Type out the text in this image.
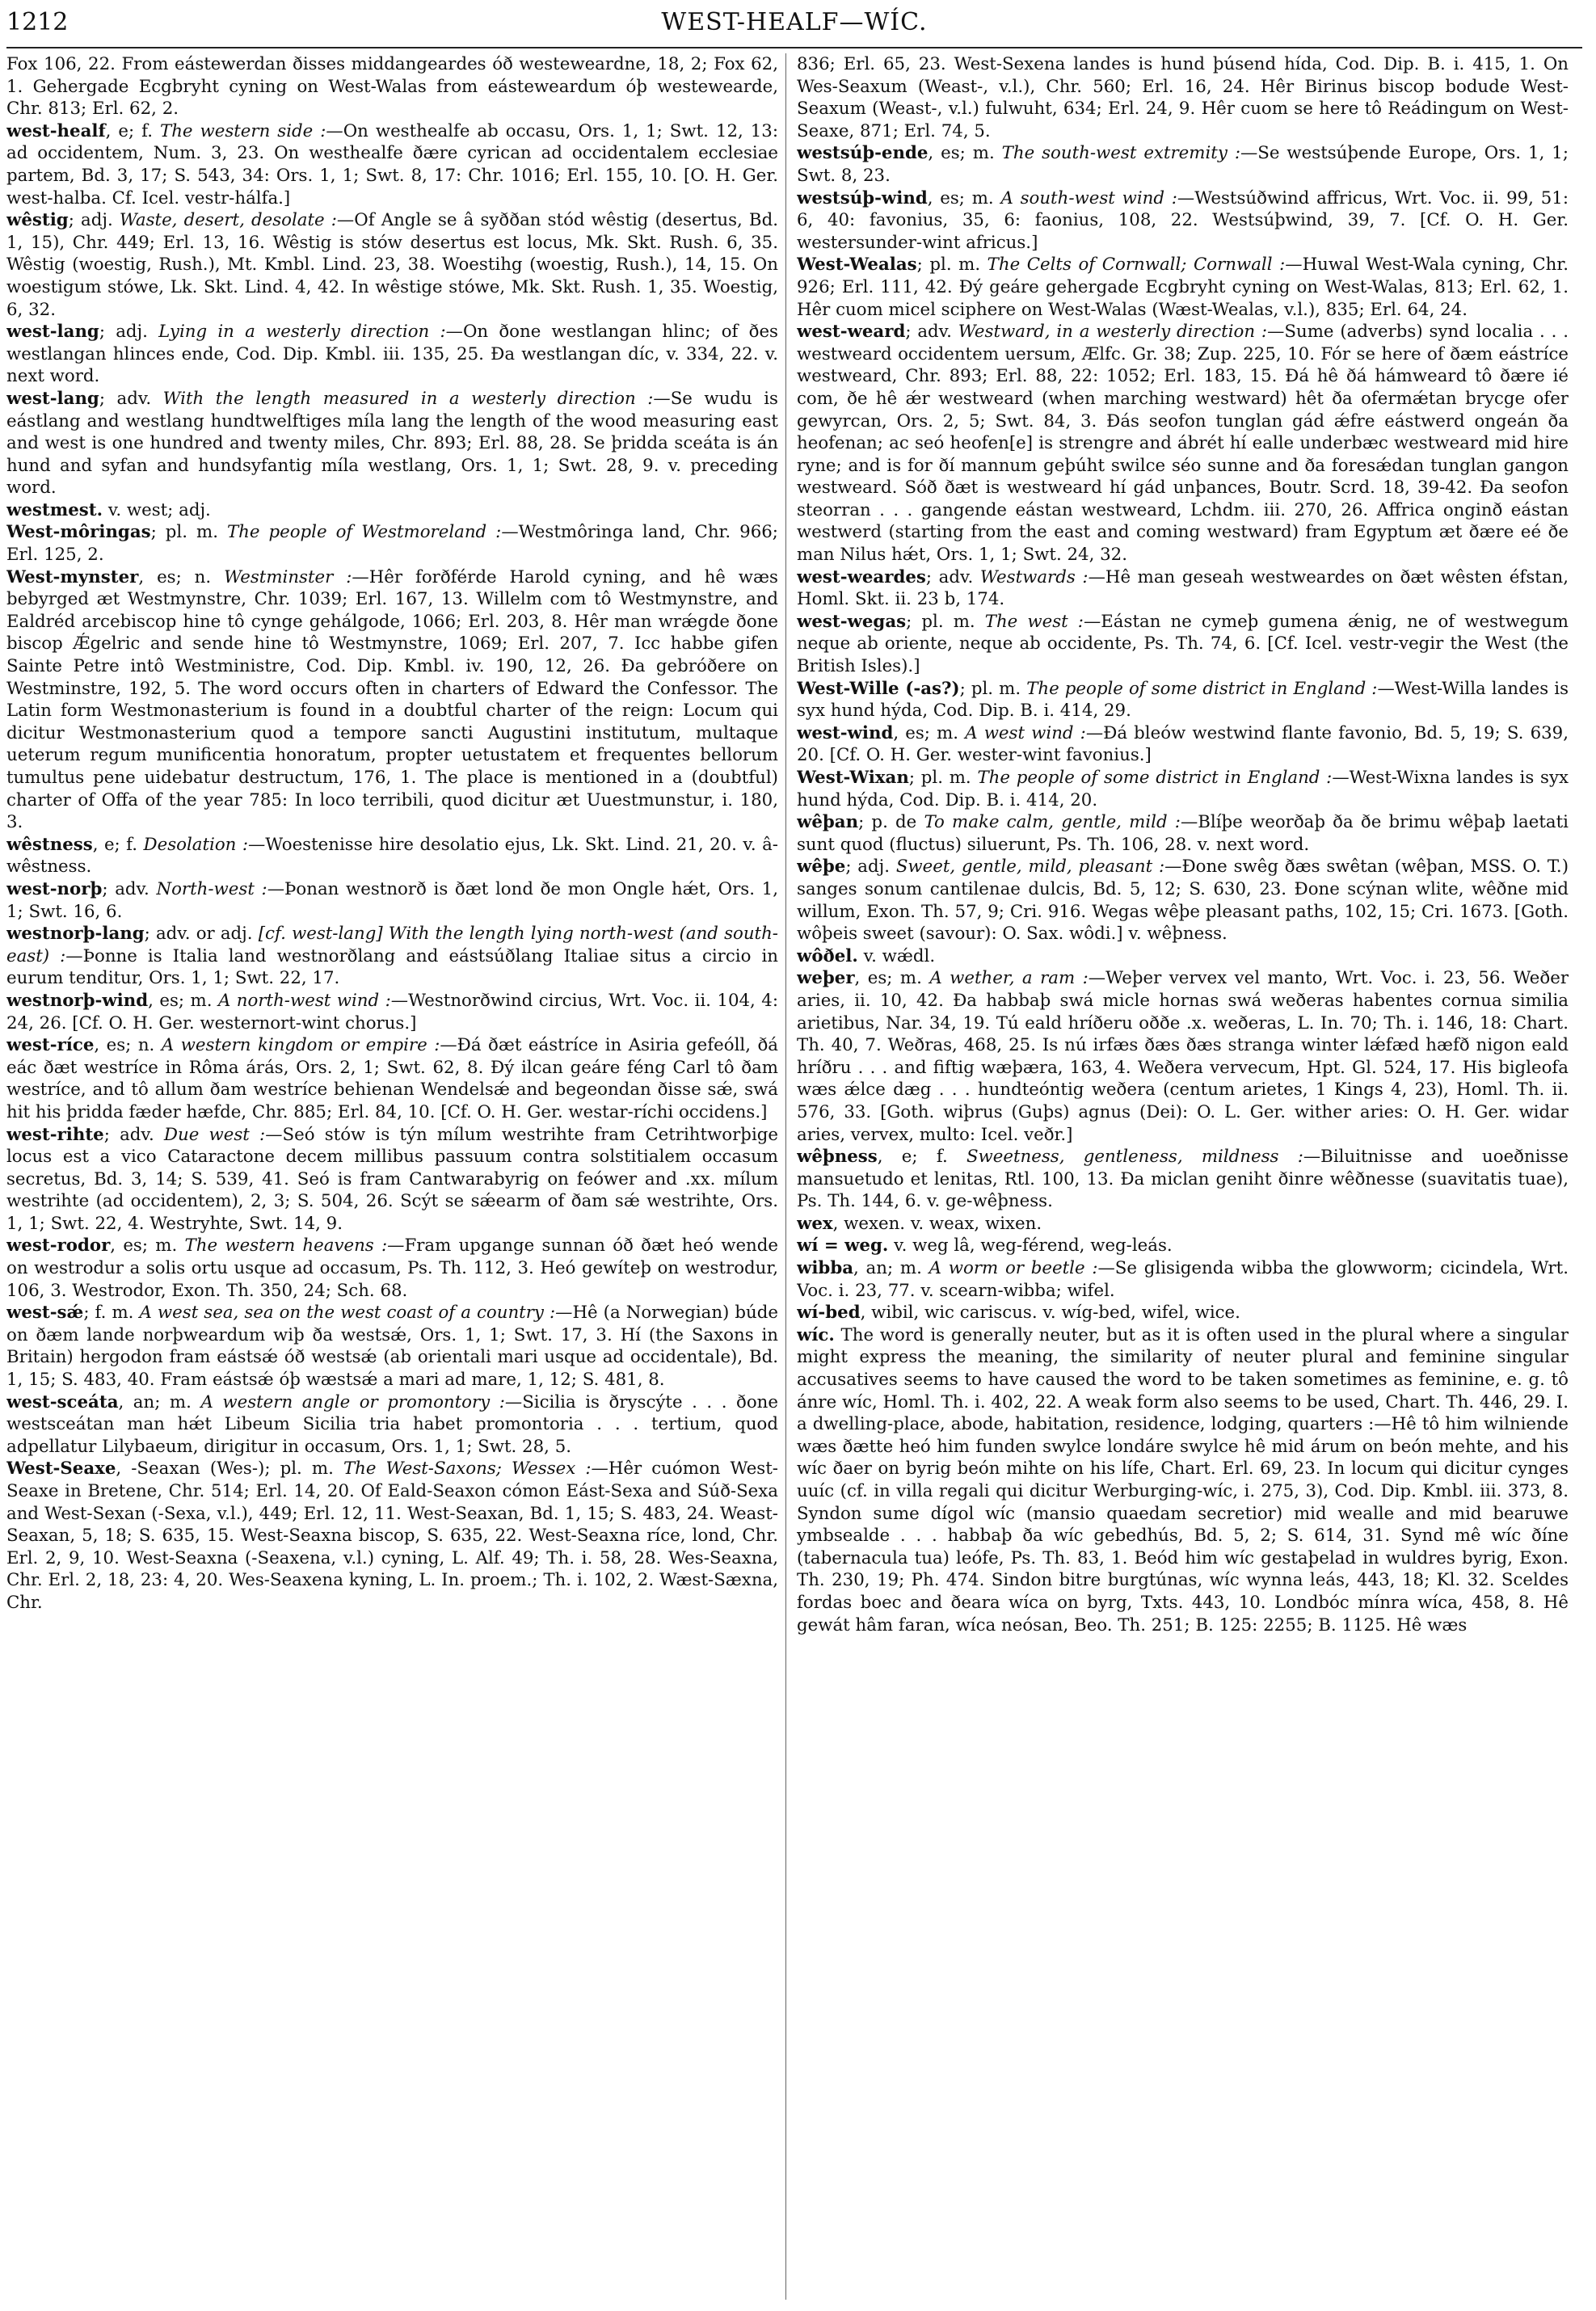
1212	WEST-HEALF—WÍC.

Fox 106, 22. From eástewerdan ðisses middangeardes óð westeweardne, 18, 2; Fox 62, 1. Gehergade Ecgbryht cyning on West-Walas from eásteweardum óþ westewearde, Chr. 813; Erl. 62, 2.

west-healf, e; f. The western side :—On westhealfe ab occasu, Ors. 1, 1; Swt. 12, 13: ad occidentem, Num. 3, 23. On westhealfe ðære cyrican ad occidentalem ecclesiae partem, Bd. 3, 17; S. 543, 34: Ors. 1, 1; Swt. 8, 17: Chr. 1016; Erl. 155, 10. [O. H. Ger. west-halba. Cf. Icel. vestr-hálfa.]

wêstig; adj. Waste, desert, desolate :—Of Angle se â syððan stód wêstig (desertus, Bd. 1, 15), Chr. 449; Erl. 13, 16. Wêstig is stów desertus est locus, Mk. Skt. Rush. 6, 35. Wêstig (woestig, Rush.), Mt. Kmbl. Lind. 23, 38. Woestihg (woestig, Rush.), 14, 15. On woestigum stówe, Lk. Skt. Lind. 4, 42. In wêstige stówe, Mk. Skt. Rush. 1, 35. Woestig, 6, 32.

west-lang; adj. Lying in a westerly direction :—On ðone westlangan hlinc; of ðes westlangan hlinces ende, Cod. Dip. Kmbl. iii. 135, 25. Ða westlangan díc, v. 334, 22. v. next word.

west-lang; adv. With the length measured in a westerly direction :—Se wudu is eástlang and westlang hundtwelftiges míla lang the length of the wood measuring east and west is one hundred and twenty miles, Chr. 893; Erl. 88, 28. Se þridda sceáta is án hund and syfan and hundsyfantig míla westlang, Ors. 1, 1; Swt. 28, 9. v. preceding word.

westmest. v. west; adj.

West-môringas; pl. m. The people of Westmoreland :—Westmôringa land, Chr. 966; Erl. 125, 2.

West-mynster, es; n. Westminster :—Hêr forðférde Harold cyning, and hê wæs bebyrged æt Westmynstre, Chr. 1039; Erl. 167, 13. Willelm com tô Westmynstre, and Ealdréd arcebiscop hine tô cynge gehálgode, 1066; Erl. 203, 8. Hêr man wrǽgde ðone biscop Ǽgelric and sende hine tô Westmynstre, 1069; Erl. 207, 7. Icc habbe gifen Sainte Petre intô Westministre, Cod. Dip. Kmbl. iv. 190, 12, 26. Ða gebróðere on Westminstre, 192, 5. The word occurs often in charters of Edward the Confessor. The Latin form Westmonasterium is found in a doubtful charter of the reign: Locum qui dicitur Westmonasterium quod a tempore sancti Augustini institutum, multaque ueterum regum munificentia honoratum, propter uetustatem et frequentes bellorum tumultus pene uidebatur destructum, 176, 1. The place is mentioned in a (doubtful) charter of Offa of the year 785: In loco terribili, quod dicitur æt Uuestmunstur, i. 180, 3.

wêstness, e; f. Desolation :—Woestenisse hire desolatio ejus, Lk. Skt. Lind. 21, 20. v. â-wêstness.

west-norþ; adv. North-west :—Þonan westnorð is ðæt lond ðe mon Ongle hǽt, Ors. 1, 1; Swt. 16, 6.

westnorþ-lang; adv. or adj. [cf. west-lang] With the length lying north-west (and south-east) :—Þonne is Italia land westnorðlang and eástsúðlang Italiae situs a circio in eurum tenditur, Ors. 1, 1; Swt. 22, 17.

westnorþ-wind, es; m. A north-west wind :—Westnorðwind circius, Wrt. Voc. ii. 104, 4: 24, 26. [Cf. O. H. Ger. westernort-wint chorus.]

west-ríce, es; n. A western kingdom or empire :—Ðá ðæt eástríce in Asiria gefeóll, ðá eác ðæt westríce in Rôma árás, Ors. 2, 1; Swt. 62, 8. Ðý ilcan geáre féng Carl tô ðam westríce, and tô allum ðam westríce behienan Wendelsǽ and begeondan ðisse sǽ, swá hit his þridda fæder hæfde, Chr. 885; Erl. 84, 10. [Cf. O. H. Ger. westar-ríchi occidens.]

west-rihte; adv. Due west :—Seó stów is týn mílum westrihte fram Cetrihtworþige locus est a vico Cataractone decem millibus passuum contra solstitialem occasum secretus, Bd. 3, 14; S. 539, 41. Seó is fram Cantwarabyrig on feówer and .xx. mílum westrihte (ad occidentem), 2, 3; S. 504, 26. Scýt se sǽearm of ðam sǽ westrihte, Ors. 1, 1; Swt. 22, 4. Westryhte, Swt. 14, 9.

west-rodor, es; m. The western heavens :—Fram upgange sunnan óð ðæt heó wende on westrodur a solis ortu usque ad occasum, Ps. Th. 112, 3. Heó gewíteþ on westrodur, 106, 3. Westrodor, Exon. Th. 350, 24; Sch. 68.

west-sǽ; f. m. A west sea, sea on the west coast of a country :—Hê (a Norwegian) búde on ðæm lande norþweardum wiþ ða westsǽ, Ors. 1, 1; Swt. 17, 3. Hí (the Saxons in Britain) hergodon fram eástsǽ óð westsǽ (ab orientali mari usque ad occidentale), Bd. 1, 15; S. 483, 40. Fram eástsǽ óþ wæstsǽ a mari ad mare, 1, 12; S. 481, 8.

west-sceáta, an; m. A western angle or promontory :—Sicilia is ðryscýte . . . ðone westsceátan man hǽt Libeum Sicilia tria habet promontoria . . . tertium, quod adpellatur Lilybaeum, dirigitur in occasum, Ors. 1, 1; Swt. 28, 5.

West-Seaxe, -Seaxan (Wes-); pl. m. The West-Saxons; Wessex :—Hêr cuómon West-Seaxe in Bretene, Chr. 514; Erl. 14, 20. Of Eald-Seaxon cómon Eást-Sexa and Súð-Sexa and West-Sexan (-Sexa, v.l.), 449; Erl. 12, 11. West-Seaxan, Bd. 1, 15; S. 483, 24. Weast-Seaxan, 5, 18; S. 635, 15. West-Seaxna biscop, S. 635, 22. West-Seaxna ríce, lond, Chr. Erl. 2, 9, 10. West-Seaxna (-Seaxena, v.l.) cyning, L. Alf. 49; Th. i. 58, 28. Wes-Seaxna, Chr. Erl. 2, 18, 23: 4, 20. Wes-Seaxena kyning, L. In. proem.; Th. i. 102, 2. Wæst-Sæxna, Chr.

836; Erl. 65, 23. West-Sexena landes is hund þúsend hída, Cod. Dip. B. i. 415, 1. On Wes-Seaxum (Weast-, v.l.), Chr. 560; Erl. 16, 24. Hêr Birinus biscop bodude West-Seaxum (Weast-, v.l.) fulwuht, 634; Erl. 24, 9. Hêr cuom se here tô Reádingum on West-Seaxe, 871; Erl. 74, 5.

westsúþ-ende, es; m. The south-west extremity :—Se westsúþende Europe, Ors. 1, 1; Swt. 8, 23.

westsúþ-wind, es; m. A south-west wind :—Westsúðwind affricus, Wrt. Voc. ii. 99, 51: 6, 40: favonius, 35, 6: faonius, 108, 22. Westsúþwind, 39, 7. [Cf. O. H. Ger. westersunder-wint africus.]

West-Wealas; pl. m. The Celts of Cornwall; Cornwall :—Huwal West-Wala cyning, Chr. 926; Erl. 111, 42. Ðý geáre gehergade Ecgbryht cyning on West-Walas, 813; Erl. 62, 1. Hêr cuom micel sciphere on West-Walas (Wæst-Wealas, v.l.), 835; Erl. 64, 24.

west-weard; adv. Westward, in a westerly direction :—Sume (adverbs) synd localia . . . westweard occidentem uersum, Ælfc. Gr. 38; Zup. 225, 10. Fór se here of ðæm eástríce westweard, Chr. 893; Erl. 88, 22: 1052; Erl. 183, 15. Ðá hê ðá hámweard tô ðære ié com, ðe hê ǽr westweard (when marching westward) hêt ða ofermǽtan brycge ofer gewyrcan, Ors. 2, 5; Swt. 84, 3. Ðás seofon tunglan gád ǽfre eástwerd ongeán ða heofenan; ac seó heofen[e] is strengre and ábrét hí ealle underbæc westweard mid hire ryne; and is for ðí mannum geþúht swilce séo sunne and ða foresǽdan tunglan gangon westweard. Sóð ðæt is westweard hí gád unþances, Boutr. Scrd. 18, 39-42. Ða seofon steorran . . . gangende eástan westweard, Lchdm. iii. 270, 26. Affrica onginð eástan westwerd (starting from the east and coming westward) fram Egyptum æt ðære eé ðe man Nilus hǽt, Ors. 1, 1; Swt. 24, 32.

west-weardes; adv. Westwards :—Hê man geseah westweardes on ðæt wêsten éfstan, Homl. Skt. ii. 23 b, 174.

west-wegas; pl. m. The west :—Eástan ne cymeþ gumena ǽnig, ne of westwegum neque ab oriente, neque ab occidente, Ps. Th. 74, 6. [Cf. Icel. vestr-vegir the West (the British Isles).]

West-Wille (-as?); pl. m. The people of some district in England :—West-Willa landes is syx hund hýda, Cod. Dip. B. i. 414, 29.

west-wind, es; m. A west wind :—Ðá bleów westwind flante favonio, Bd. 5, 19; S. 639, 20. [Cf. O. H. Ger. wester-wint favonius.]

West-Wixan; pl. m. The people of some district in England :—West-Wixna landes is syx hund hýda, Cod. Dip. B. i. 414, 20.

wêþan; p. de To make calm, gentle, mild :—Blíþe weorðaþ ða ðe brimu wêþaþ laetati sunt quod (fluctus) siluerunt, Ps. Th. 106, 28. v. next word.

wêþe; adj. Sweet, gentle, mild, pleasant :—Ðone swêg ðæs swêtan (wêþan, MSS. O. T.) sanges sonum cantilenae dulcis, Bd. 5, 12; S. 630, 23. Ðone scýnan wlite, wêðne mid willum, Exon. Th. 57, 9; Cri. 916. Wegas wêþe pleasant paths, 102, 15; Cri. 1673. [Goth. wôþeis sweet (savour): O. Sax. wôdi.] v. wêþness.

wôðel. v. wǽdl.

weþer, es; m. A wether, a ram :—Weþer vervex vel manto, Wrt. Voc. i. 23, 56. Weðer aries, ii. 10, 42. Ða habbaþ swá micle hornas swá weðeras habentes cornua similia arietibus, Nar. 34, 19. Tú eald hríðeru oððe .x. weðeras, L. In. 70; Th. i. 146, 18: Chart. Th. 40, 7. Weðras, 468, 25. Is nú irfæs ðæs ðæs stranga winter lǽfæd hæfð nigon eald hríðru . . . and fiftig wæþæra, 163, 4. Weðera vervecum, Hpt. Gl. 524, 17. His bigleofa wæs ǽlce dæg . . . hundteóntig weðera (centum arietes, 1 Kings 4, 23), Homl. Th. ii. 576, 33. [Goth. wiþrus (Guþs) agnus (Dei): O. L. Ger. wither aries: O. H. Ger. widar aries, vervex, multo: Icel. veðr.]

wêþness, e; f. Sweetness, gentleness, mildness :—Biluitnisse and uoeðnisse mansuetudo et lenitas, Rtl. 100, 13. Ða miclan geniht ðinre wêðnesse (suavitatis tuae), Ps. Th. 144, 6. v. ge-wêþness.

wex, wexen. v. weax, wixen.

wí = weg. v. weg lâ, weg-férend, weg-leás.

wibba, an; m. A worm or beetle :—Se glisigenda wibba the glowworm; cicindela, Wrt. Voc. i. 23, 77. v. scearn-wibba; wifel.

wí-bed, wibil, wic cariscus. v. wíg-bed, wifel, wice.

wíc. The word is generally neuter, but as it is often used in the plural where a singular might express the meaning, the similarity of neuter plural and feminine singular accusatives seems to have caused the word to be taken sometimes as feminine, e. g. tô ánre wíc, Homl. Th. i. 402, 22. A weak form also seems to be used, Chart. Th. 446, 29. I. a dwelling-place, abode, habitation, residence, lodging, quarters :—Hê tô him wilniende wæs ðætte heó him funden swylce londáre swylce hê mid árum on beón mehte, and his wíc ðaer on byrig beón mihte on his lífe, Chart. Erl. 69, 23. In locum qui dicitur cynges uuíc (cf. in villa regali qui dicitur Werburging-wíc, i. 275, 3), Cod. Dip. Kmbl. iii. 373, 8. Syndon sume dígol wíc (mansio quaedam secretior) mid wealle and mid bearuwe ymbsealde . . . habbaþ ða wíc gebedhús, Bd. 5, 2; S. 614, 31. Synd mê wíc ðíne (tabernacula tua) leófe, Ps. Th. 83, 1. Beód him wíc gestaþelad in wuldres byrig, Exon. Th. 230, 19; Ph. 474. Sindon bitre burgtúnas, wíc wynna leás, 443, 18; Kl. 32. Sceldes fordas boec and ðeara wíca on byrg, Txts. 443, 10. Londbóc mínra wíca, 458, 8. Hê gewát hâm faran, wíca neósan, Beo. Th. 251; B. 125: 2255; B. 1125. Hê wæs
